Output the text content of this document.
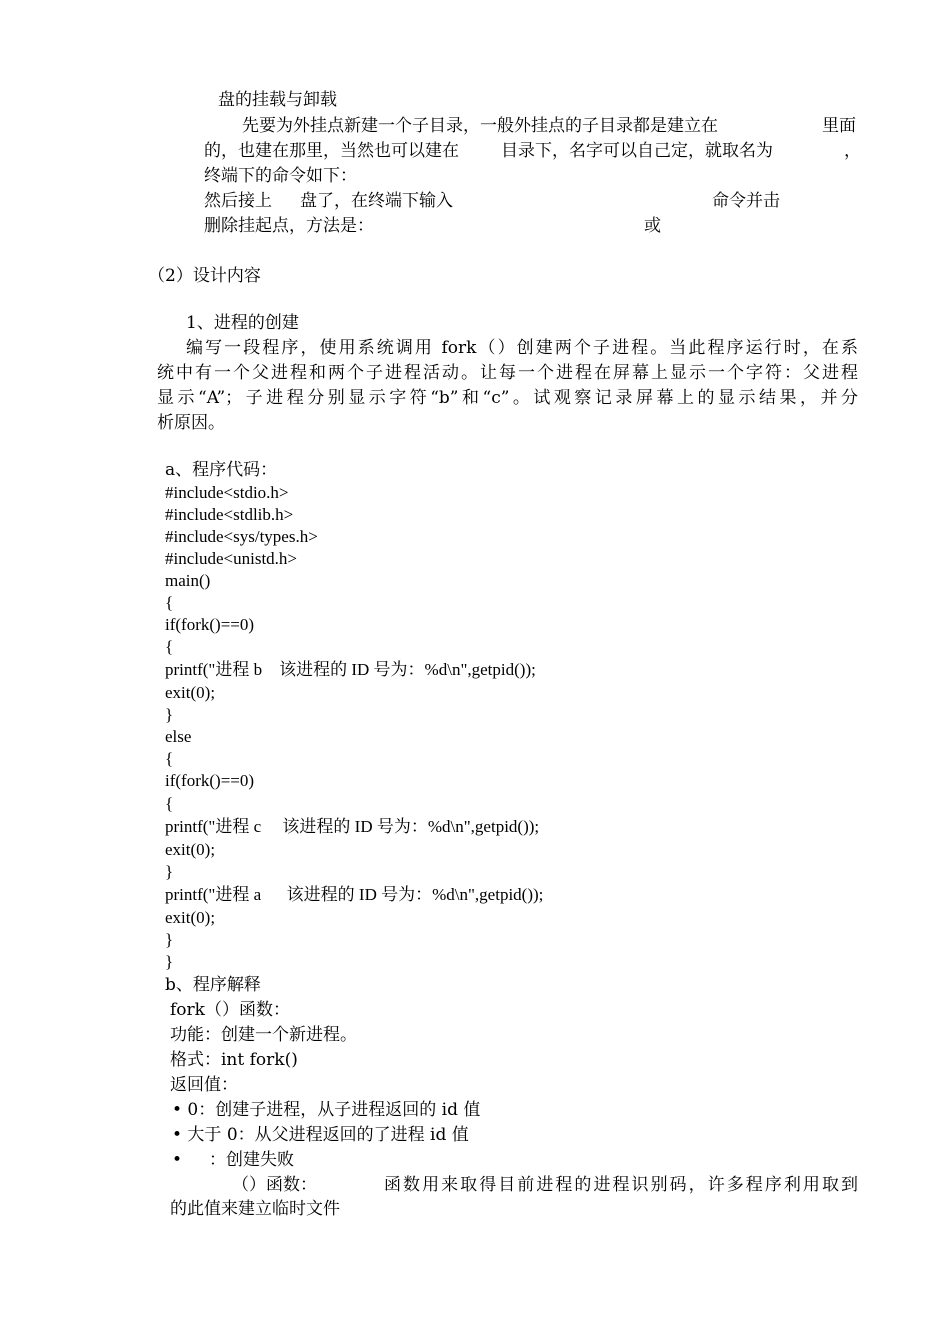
盘的挂载与卸载
先要为外挂点新建一个子目录，一般外挂点的子目录都是建立在	里面
的，也建在那里，当然也可以建在 目录下，名字可以自己定，就取名为	，
终端下的命令如下：
然后接上 盘了，在终端下输入	命令并击
删除挂起点，方法是：	或
（2）设计内容
1、进程的创建
编写一段程序，使用系统调用 fork（）创建两个子进程。当此程序运行时，在系
统中有一个父进程和两个子进程活动。让每一个进程在屏幕上显示一个字符：父进程
显示“A”；子进程分别显示字符“b”和“c”。试观察记录屏幕上的显示结果，并分
析原因。
a、程序代码：
#include<stdio.h>
#include<stdlib.h>
#include<sys/types.h>
#include<unistd.h>
main()
{
if(fork()==0)
{
printf("进程 b    该进程的 ID 号为：%d\n",getpid());
exit(0);
}
else
{
if(fork()==0)
{
printf("进程 c     该进程的 ID 号为：%d\n",getpid());
exit(0);
}
printf("进程 a      该进程的 ID 号为：%d\n",getpid());
exit(0);
}
}
b、程序解释
fork（）函数：
功能：创建一个新进程。
格式：int fork()
返回值：
• 0：创建子进程，从子进程返回的 id 值
• 大于 0：从父进程返回的了进程 id 值
•     ：创建失败
（）函数：	函数用来取得目前进程的进程识别码，许多程序利用取到
的此值来建立临时文件
